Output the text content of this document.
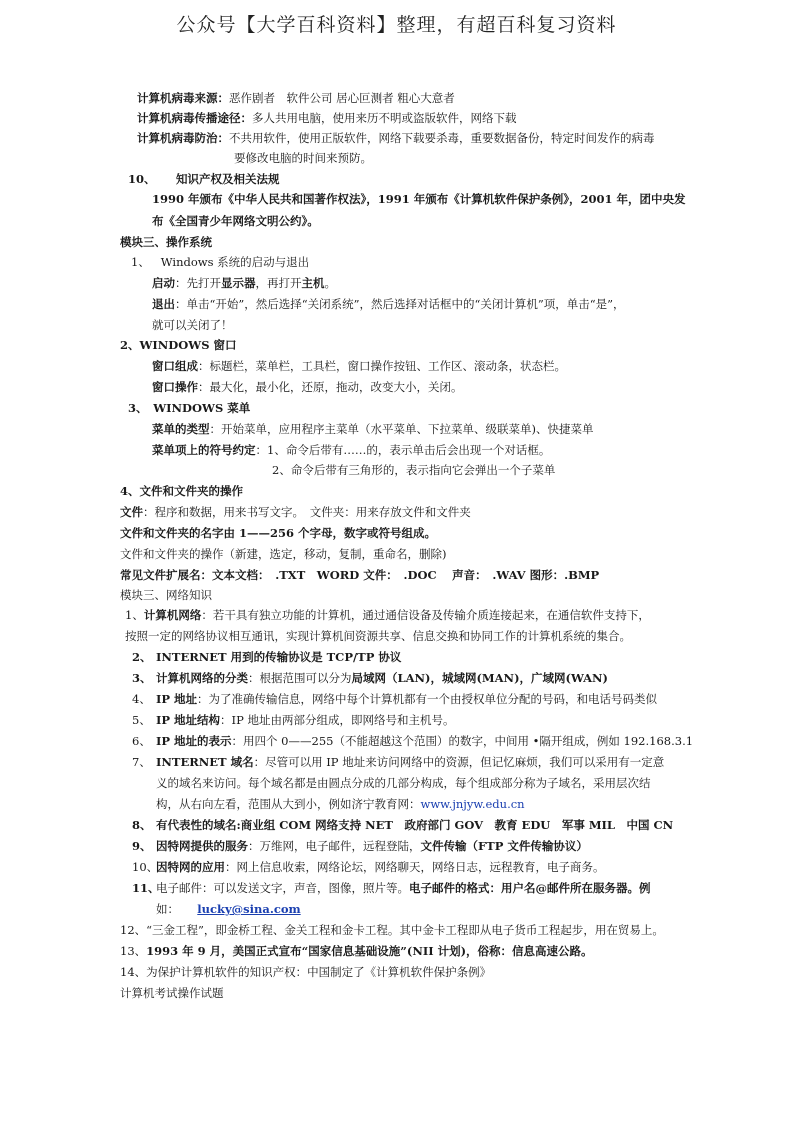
公众号【大学百科资料】整理，有超百科复习资料
计算机病毒来源：恶作剧者　软件公司 居心叵测者 粗心大意者
计算机病毒传播途径：多人共用电脑，使用来历不明或盗版软件，网络下载
计算机病毒防治：不共用软件，使用正版软件，网络下载要杀毒，重要数据备份，特定时间发作的病毒
要修改电脑的时间来预防。
10、 知识产权及相关法规
1990 年颁布《中华人民共和国著作权法》，1991 年颁布《计算机软件保护条例》，2001 年，团中央发
布《全国青少年网络文明公约》。
模块三、操作系统
1、 Windows 系统的启动与退出
启动：先打开显示器，再打开主机。
退出：单击“开始”，然后选择“关闭系统”，然后选择对话框中的“关闭计算机”项，单击“是”，
就可以关闭了！
2、WINDOWS 窗口
窗口组成：标题栏，菜单栏，工具栏，窗口操作按钮、工作区、滚动条，状态栏。
窗口操作：最大化，最小化，还原，拖动，改变大小，关闭。
3、　WINDOWS 菜单
菜单的类型：开始菜单，应用程序主菜单（水平菜单、下拉菜单、级联菜单)、快捷菜单
菜单项上的符号约定：1、命令后带有……的，表示单击后会出现一个对话框。
2、命令后带有三角形的，表示指向它会弹出一个子菜单
4、文件和文件夹的操作
文件：程序和数据，用来书写文字。　文件夹：用来存放文件和文件夹
文件和文件夹的名字由 1——256 个字母，数字或符号组成。
文件和文件夹的操作（新建，选定，移动，复制，重命名，删除)
常见文件扩展名：文本文档：　.TXT　WORD 文件：　.DOC　 声音：　.WAV 图形：.BMP
模块三、网络知识
1、计算机网络：若干具有独立功能的计算机，通过通信设备及传输介质连接起来，在通信软件支持下，
按照一定的网络协议相互通讯，实现计算机间资源共享、信息交换和协同工作的计算机系统的集合。
2、 INTERNET 用到的传输协议是 TCP/TP 协议
3、 计算机网络的分类：根据范围可以分为局域网（LAN)，城域网(MAN)，广域网(WAN)
4、 IP 地址：为了准确传输信息，网络中每个计算机都有一个由授权单位分配的号码，和电话号码类似
5、 IP 地址结构：IP 地址由两部分组成，即网络号和主机号。
6、 IP 地址的表示：用四个 0——255（不能超越这个范围）的数字，中间用 •隔开组成，例如 192.168.3.1
7、 INTERNET 域名：尽管可以用 IP 地址来访问网络中的资源，但记忆麻烦，我们可以采用有一定意
义的域名来访问。每个域名都是由圆点分成的几部分构成，每个组成部分称为子域名，采用层次结
构，从右向左看，范围从大到小，例如济宁教育网：www.jnjyw.edu.cn
8、 有代表性的域名:商业组 COM 网络支持 NET　政府部门 GOV　教育 EDU　军事 MIL　中国 CN
9、 因特网提供的服务：万维网，电子邮件，远程登陆，文件传输（FTP 文件传输协议）
10、
因特网的应用：网上信息收索，网络论坛，网络聊天，网络日志，远程教育，电子商务。
11、
电子邮件：可以发送文字，声音，图像，照片等。电子邮件的格式：用户名@邮件所在服务器。例
如： lucky@sina.com
12、“三金工程”，即金桥工程、金关工程和金卡工程。其中金卡工程即从电子货币工程起步，用在贸易上。
13、1993 年 9 月，美国正式宣布“国家信息基础设施”(NII 计划)，俗称：信息高速公路。
14、为保护计算机软件的知识产权：中国制定了《计算机软件保护条例》
计算机考试操作试题
